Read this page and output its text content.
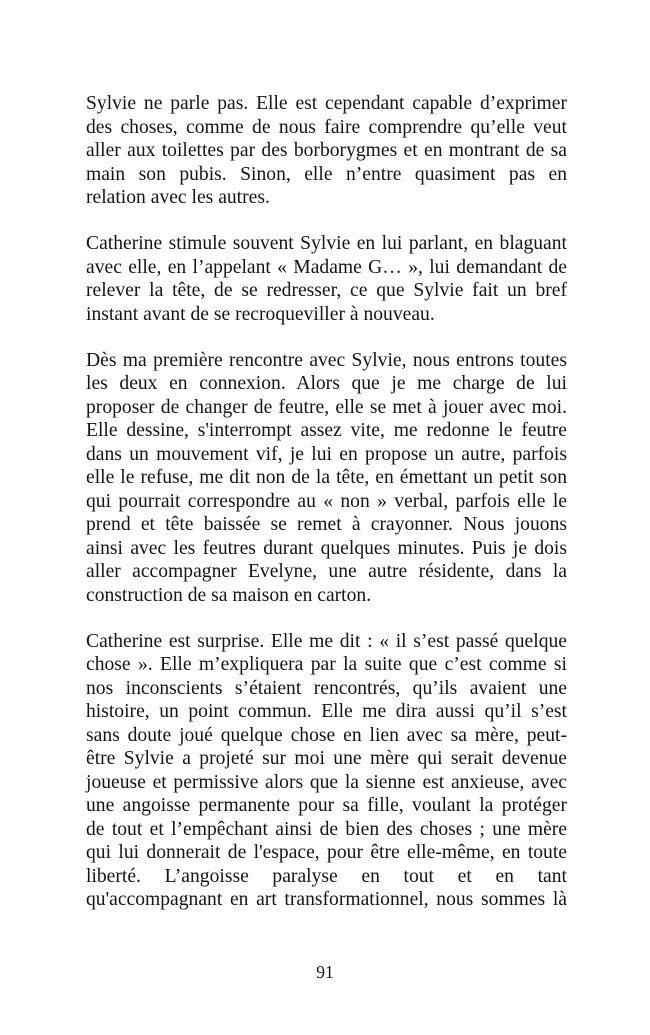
Sylvie ne parle pas. Elle est cependant capable d’exprimer
des choses, comme de nous faire comprendre qu’elle veut
aller aux toilettes par des borborygmes et en montrant de sa
main son pubis. Sinon, elle n’entre quasiment pas en
relation avec les autres.

Catherine stimule souvent Sylvie en lui parlant, en blaguant
avec elle, en l’appelant « Madame G… », lui demandant de
relever la tête, de se redresser, ce que Sylvie fait un bref
instant avant de se recroqueviller à nouveau.

Dès ma première rencontre avec Sylvie, nous entrons toutes
les deux en connexion. Alors que je me charge de lui
proposer de changer de feutre, elle se met à jouer avec moi.
Elle dessine, s'interrompt assez vite, me redonne le feutre
dans un mouvement vif, je lui en propose un autre, parfois
elle le refuse, me dit non de la tête, en émettant un petit son
qui pourrait correspondre au « non » verbal, parfois elle le
prend et tête baissée se remet à crayonner. Nous jouons
ainsi avec les feutres durant quelques minutes. Puis je dois
aller accompagner Evelyne, une autre résidente, dans la
construction de sa maison en carton.

Catherine est surprise. Elle me dit : « il s’est passé quelque
chose ». Elle m’expliquera par la suite que c’est comme si
nos inconscients s’étaient rencontrés, qu’ils avaient une
histoire, un point commun. Elle me dira aussi qu’il s’est
sans doute joué quelque chose en lien avec sa mère, peut-
être Sylvie a projeté sur moi une mère qui serait devenue
joueuse et permissive alors que la sienne est anxieuse, avec
une angoisse permanente pour sa fille, voulant la protéger
de tout et l’empêchant ainsi de bien des choses ; une mère
qui lui donnerait de l'espace, pour être elle-même, en toute
liberté. L’angoisse paralyse en tout et en tant
qu'accompagnant en art transformationnel, nous sommes là

91
